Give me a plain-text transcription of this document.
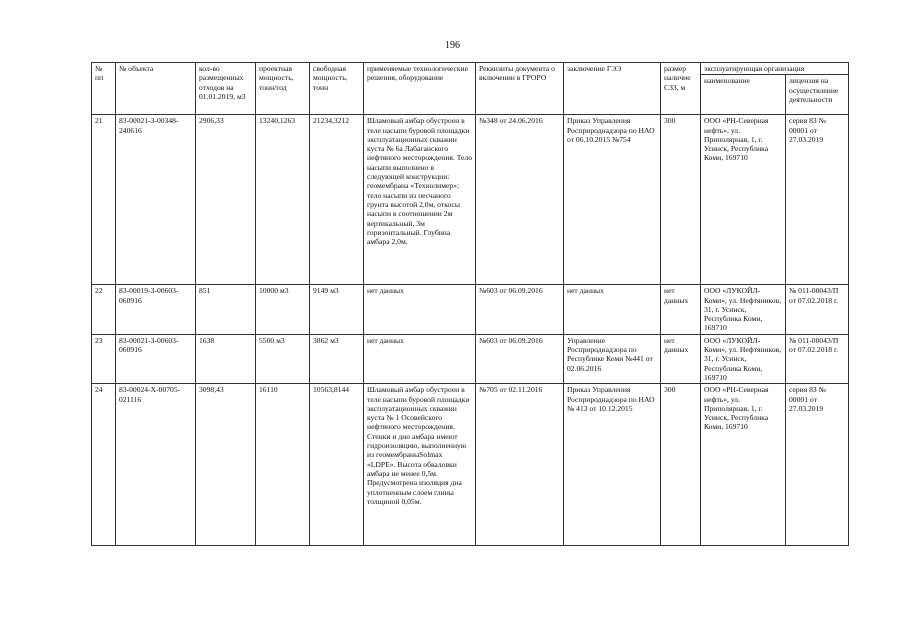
196
№ пп	№ объекта	кол-во размещенных отходов на 01.01.2019, м3	проектная мощность, тонн/год	свободная мощность, тонн	применяемые технологические решения, оборудование	Реквизиты документа о включении в ГРОРО	заключение ГЭЭ	размер наличие СЗЗ, м	эксплуатирующая организация	
									наименование	лицензия на осуществление деятельности
21	83-00021-З-00348-240616	2906,33	13240,1263	21234,3212	Шламовый амбар обустроен в теле насыпи буровой площадки эксплуатационных скважин куста № 6а Лабаганского нефтяного месторождения. Тело насыпи выполнено в следующей конструкции: геомембрана «Технолимер»; тело насыпи из песчаного грунта высотой 2,0м, откосы насыпи в соотношении 2м вертикальный, 3м горизонтальный. Глубина амбара 2,0м.	№348 от 24.06.2016	Приказ Управления Росприроднадзора по НАО от 06.10.2015 №754	300	ООО «РН-Северная нефть», ул. Приполярная, 1, г. Усинск, Республика Коми, 169710	серия 83 № 00001 от 27.03.2019
22	83-00019-З-00603-060916	851	10000 м3	9149 м3	нет данных	№603 от 06.09.2016	нет данных	нет данных	ООО «ЛУКОЙЛ-Коми», ул. Нефтяников, 31, г. Усинск, Республика Коми, 169710	№ 011-00043/П от 07.02.2018 г.
23	83-00021-З-00603-060916	1638	5500 м3	3862 м3	нет данных	№603 от 06.09.2016	Управление Росприроднадзора по Республике Коми №441 от 02.06.2016	нет данных	ООО «ЛУКОЙЛ-Коми», ул. Нефтяников, 31, г. Усинск, Республика Коми, 169710	№ 011-00043/П от 07.02.2018 г.
24	83-00024-Х-00705-021116	3098,43	16110	10563,8144	Шламовый амбар обустроен в теле насыпи буровой площадки эксплуатационных скважин куста № 1 Осовейского нефтяного месторождения. Стенки и дно амбара имеют гидроизоляцию, выполненную из геомембраныSolmax «LDPE». Высота обваловки амбара не менее 0,5м. Предусмотрена изоляция дна уплотненным слоем глины толщиной 0,05м.	№705 от 02.11.2016	Приказ Управления Росприроднадзора по НАО № 413 от 10.12.2015	300	ООО «РН-Северная нефть», ул. Приполярная, 1, г. Усинск, Республика Коми, 169710	серия 83 № 00001 от 27.03.2019
